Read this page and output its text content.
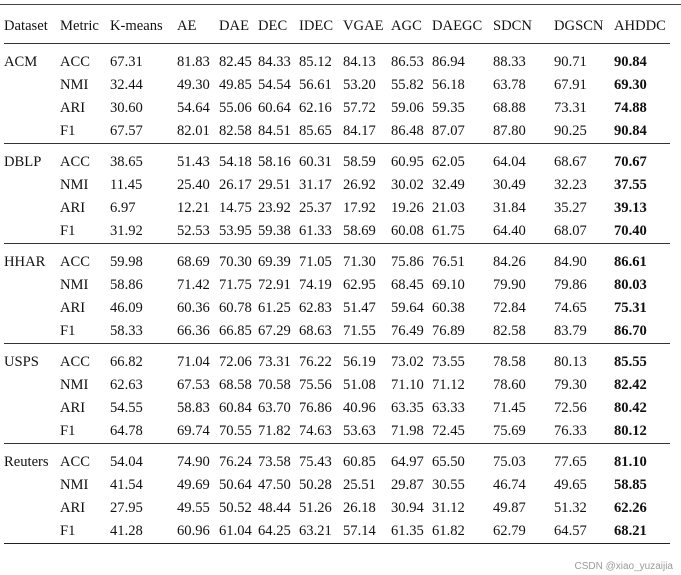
Dataset	Metric	K-means	AE	DAE	DEC	IDEC	VGAE	AGC	DAEGC	SDCN	DGSCN	AHDDC
ACM	ACC	67.31	81.83	82.45	84.33	85.12	84.13	86.53	86.94	88.33	90.71	90.84
	NMI	32.44	49.30	49.85	54.54	56.61	53.20	55.82	56.18	63.78	67.91	69.30
	ARI	30.60	54.64	55.06	60.64	62.16	57.72	59.06	59.35	68.88	73.31	74.88
	F1	67.57	82.01	82.58	84.51	85.65	84.17	86.48	87.07	87.80	90.25	90.84
DBLP	ACC	38.65	51.43	54.18	58.16	60.31	58.59	60.95	62.05	64.04	68.67	70.67
	NMI	11.45	25.40	26.17	29.51	31.17	26.92	30.02	32.49	30.49	32.23	37.55
	ARI	6.97	12.21	14.75	23.92	25.37	17.92	19.26	21.03	31.84	35.27	39.13
	F1	31.92	52.53	53.95	59.38	61.33	58.69	60.08	61.75	64.40	68.07	70.40
HHAR	ACC	59.98	68.69	70.30	69.39	71.05	71.30	75.86	76.51	84.26	84.90	86.61
	NMI	58.86	71.42	71.75	72.91	74.19	62.95	68.45	69.10	79.90	79.86	80.03
	ARI	46.09	60.36	60.78	61.25	62.83	51.47	59.64	60.38	72.84	74.65	75.31
	F1	58.33	66.36	66.85	67.29	68.63	71.55	76.49	76.89	82.58	83.79	86.70
USPS	ACC	66.82	71.04	72.06	73.31	76.22	56.19	73.02	73.55	78.58	80.13	85.55
	NMI	62.63	67.53	68.58	70.58	75.56	51.08	71.10	71.12	78.60	79.30	82.42
	ARI	54.55	58.83	60.84	63.70	76.86	40.96	63.35	63.33	71.45	72.56	80.42
	F1	64.78	69.74	70.55	71.82	74.63	53.63	71.98	72.45	75.69	76.33	80.12
Reuters	ACC	54.04	74.90	76.24	73.58	75.43	60.85	64.97	65.50	75.03	77.65	81.10
	NMI	41.54	49.69	50.64	47.50	50.28	25.51	29.87	30.55	46.74	49.65	58.85
	ARI	27.95	49.55	50.52	48.44	51.26	26.18	30.94	31.12	49.87	51.32	62.26
	F1	41.28	60.96	61.04	64.25	63.21	57.14	61.35	61.82	62.79	64.57	68.21
CSDN @xiao_yuzaijia
